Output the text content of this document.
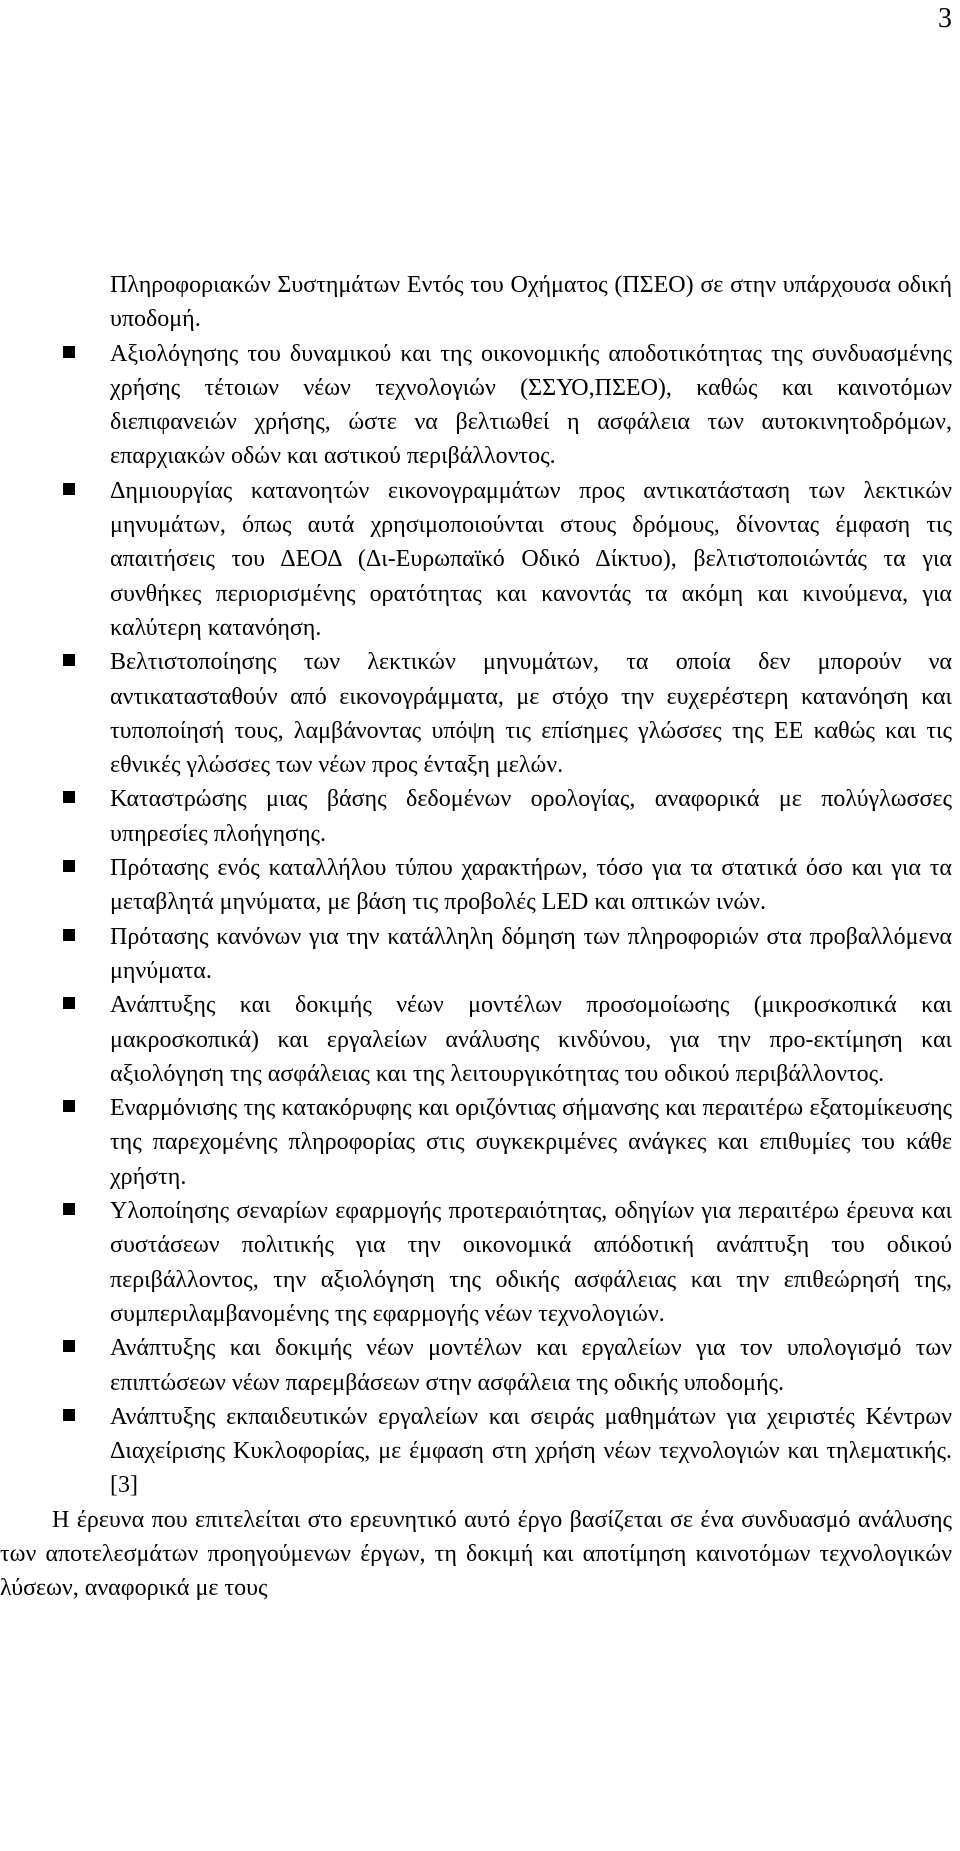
3

Πληροφοριακών Συστημάτων Εντός του Οχήματος (ΠΣΕΟ) σε στην υπάρχουσα οδική υποδομή.

Αξιολόγησης του δυναμικού και της οικονομικής αποδοτικότητας της συνδυασμένης χρήσης τέτοιων νέων τεχνολογιών (ΣΣΥΟ,ΠΣΕΟ), καθώς και καινοτόμων διεπιφανειών χρήσης, ώστε να βελτιωθεί η ασφάλεια των αυτοκινητοδρόμων, επαρχιακών οδών και αστικού περιβάλλοντος.
Δημιουργίας κατανοητών εικονογραμμάτων προς αντικατάσταση των λεκτικών μηνυμάτων, όπως αυτά χρησιμοποιούνται στους δρόμους, δίνοντας έμφαση τις απαιτήσεις του ΔΕΟΔ (Δι-Ευρωπαϊκό Οδικό Δίκτυο), βελτιστοποιώντάς τα για συνθήκες περιορισμένης ορατότητας και κανοντάς τα ακόμη και κινούμενα, για καλύτερη κατανόηση.
Βελτιστοποίησης των λεκτικών μηνυμάτων, τα οποία δεν μπορούν να αντικατασταθούν από εικονογράμματα, με στόχο την ευχερέστερη κατανόηση και τυποποίησή τους, λαμβάνοντας υπόψη τις επίσημες γλώσσες της ΕΕ καθώς και τις εθνικές γλώσσες των νέων προς ένταξη μελών.
Καταστρώσης μιας βάσης δεδομένων ορολογίας, αναφορικά με πολύγλωσσες υπηρεσίες πλοήγησης.
Πρότασης ενός καταλλήλου τύπου χαρακτήρων, τόσο για τα στατικά όσο και για τα μεταβλητά μηνύματα, με βάση τις προβολές LED και οπτικών ινών.
Πρότασης κανόνων για την κατάλληλη δόμηση των πληροφοριών στα προβαλλόμενα μηνύματα.
Ανάπτυξης και δοκιμής νέων μοντέλων προσομοίωσης (μικροσκοπικά και μακροσκοπικά) και εργαλείων ανάλυσης κινδύνου, για την προ-εκτίμηση και αξιολόγηση της ασφάλειας και της λειτουργικότητας του οδικού περιβάλλοντος.
Εναρμόνισης της κατακόρυφης και οριζόντιας σήμανσης και περαιτέρω εξατομίκευσης της παρεχομένης πληροφορίας στις συγκεκριμένες ανάγκες και επιθυμίες του κάθε χρήστη.
Υλοποίησης σεναρίων εφαρμογής προτεραιότητας, οδηγίων για περαιτέρω έρευνα και συστάσεων πολιτικής για την οικονομικά απόδοτική ανάπτυξη του οδικού περιβάλλοντος, την αξιολόγηση της οδικής ασφάλειας και την επιθεώρησή της, συμπεριλαμβανομένης της εφαρμογής νέων τεχνολογιών.
Ανάπτυξης και δοκιμής νέων μοντέλων και εργαλείων για τον υπολογισμό των επιπτώσεων νέων παρεμβάσεων στην ασφάλεια της οδικής υποδομής.
Ανάπτυξης εκπαιδευτικών εργαλείων και σειράς μαθημάτων για χειριστές Κέντρων Διαχείρισης Κυκλοφορίας, με έμφαση στη χρήση νέων τεχνολογιών και τηλεματικής. [3]

Η έρευνα που επιτελείται στο ερευνητικό αυτό έργο βασίζεται σε ένα συνδυασμό ανάλυσης των αποτελεσμάτων προηγούμενων έργων, τη δοκιμή και αποτίμηση καινοτόμων τεχνολογικών λύσεων, αναφορικά με τους
